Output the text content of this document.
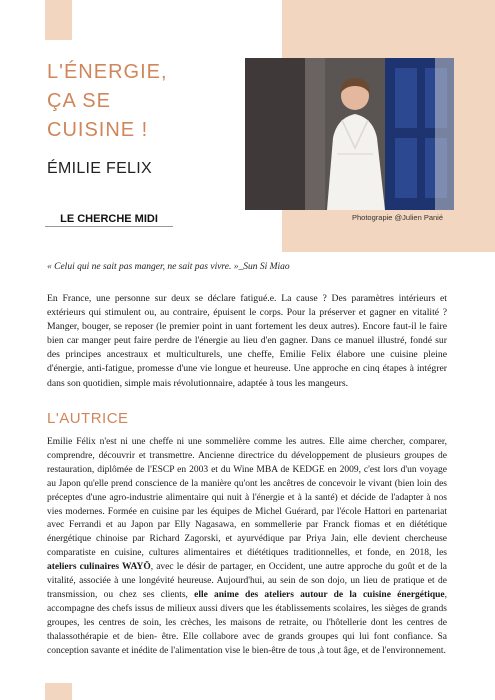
L'ÉNERGIE,
ÇA SE
CUISINE !
ÉMILIE FELIX
LE CHERCHE MIDI	Photograpie @Julien Panié
« Celui qui ne sait pas manger, ne sait pas vivre. »_Sun Si Miao
En France, une personne sur deux se déclare fatigué.e. La cause ? Des paramètres intérieurs et extérieurs qui stimulent ou, au contraire, épuisent le corps. Pour la préserver et gagner en vitalité ? Manger, bouger, se reposer (le premier point in uant fortement les deux autres). Encore faut-il le faire bien car manger peut faire perdre de l'énergie au lieu d'en gagner. Dans ce manuel illustré, fondé sur des principes ancestraux et multiculturels, une cheffe, Emilie Felix élabore une cuisine pleine d'énergie, anti-fatigue, promesse d'une vie longue et heureuse. Une approche en cinq étapes à intégrer dans son quotidien, simple mais révolutionnaire, adaptée à tous les mangeurs.
L'AUTRICE
Emilie Félix n'est ni une cheffe ni une sommelière comme les autres. Elle aime chercher, comparer, comprendre, découvrir et transmettre. Ancienne directrice du développement de plusieurs groupes de restauration, diplômée de l'ESCP en 2003 et du Wine MBA de KEDGE en 2009, c'est lors d'un voyage au Japon qu'elle prend conscience de la manière qu'ont les ancêtres de concevoir le vivant (bien loin des préceptes d'une agro-industrie alimentaire qui nuit à l'énergie et à la santé) et décide de l'adapter à nos vies modernes. Formée en cuisine par les équipes de Michel Guérard, par l'école Hattori en partenariat avec Ferrandi et au Japon par Elly Nagasawa, en sommellerie par Franck fiomas et en diététique énergétique chinoise par Richard Zagorski, et ayurvédique par Priya Jain, elle devient chercheuse comparatiste en cuisine, cultures alimentaires et diététiques traditionnelles, et fonde, en 2018, les ateliers culinaires WAYÖ, avec le désir de partager, en Occident, une autre approche du goût et de la vitalité, associée à une longévité heureuse. Aujourd'hui, au sein de son dojo, un lieu de pratique et de transmission, ou chez ses clients, elle anime des ateliers autour de la cuisine énergétique, accompagne des chefs issus de milieux aussi divers que les établissements scolaires, les sièges de grands groupes, les centres de soin, les crèches, les maisons de retraite, ou l'hôtellerie dont les centres de thalassothérapie et de bien- être. Elle collabore avec de grands groupes qui lui font confiance. Sa conception savante et inédite de l'alimentation vise le bien-être de tous ,à tout âge, et de l'environnement.
